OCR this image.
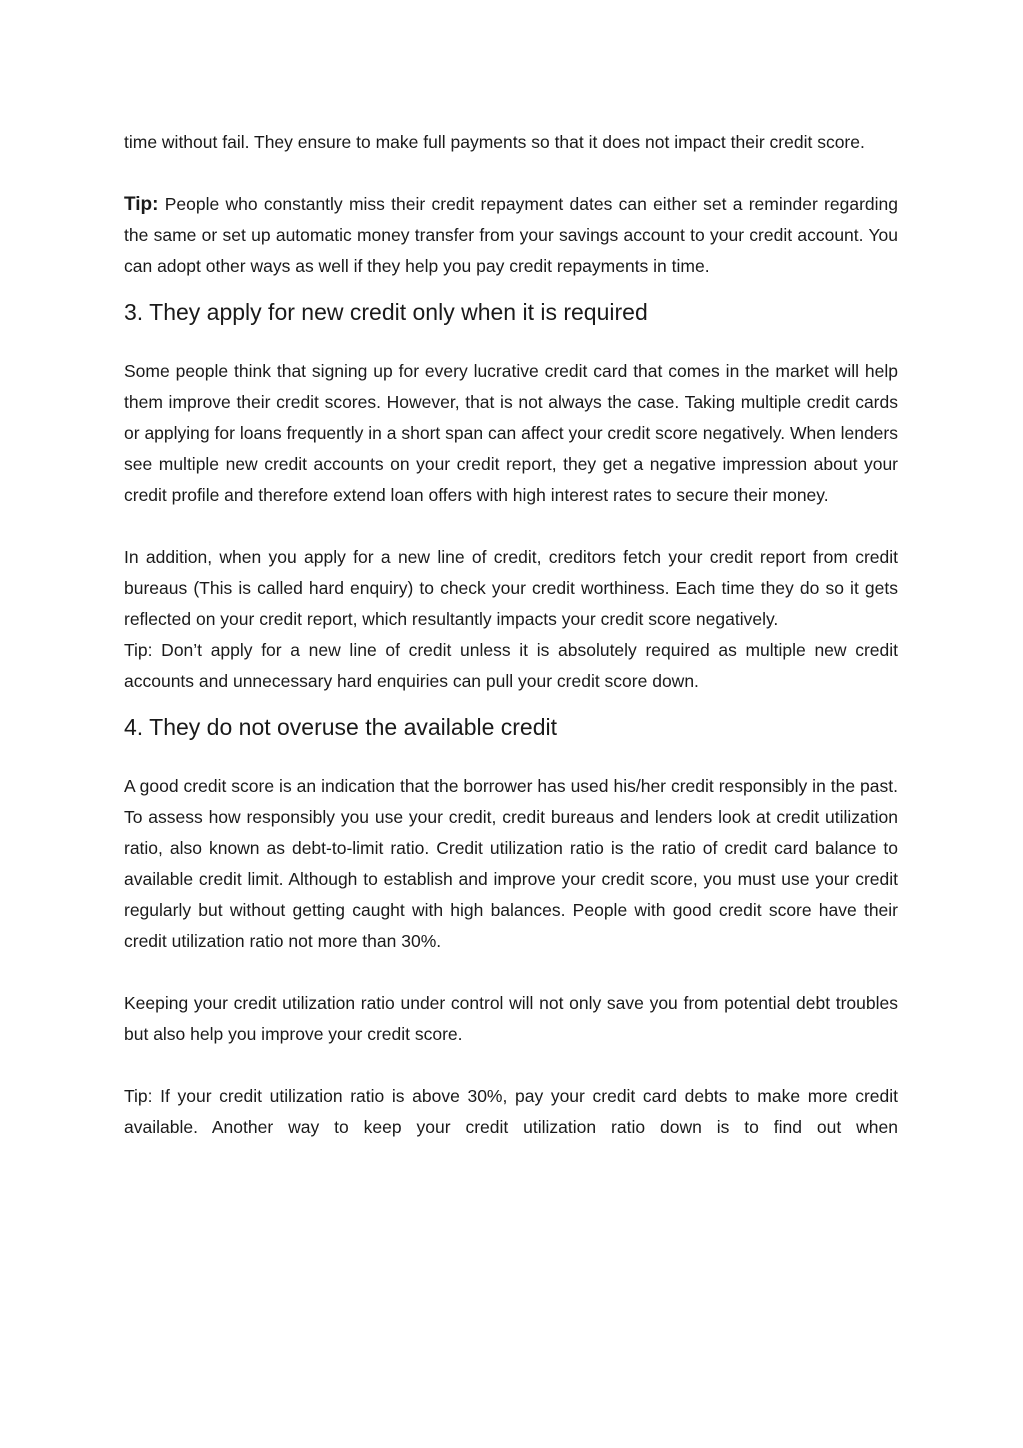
time without fail. They ensure to make full payments so that it does not impact their credit score.

Tip: People who constantly miss their credit repayment dates can either set a reminder regarding the same or set up automatic money transfer from your savings account to your credit account. You can adopt other ways as well if they help you pay credit repayments in time.

3. They apply for new credit only when it is required

Some people think that signing up for every lucrative credit card that comes in the market will help them improve their credit scores. However, that is not always the case. Taking multiple credit cards or applying for loans frequently in a short span can affect your credit score negatively. When lenders see multiple new credit accounts on your credit report, they get a negative impression about your credit profile and therefore extend loan offers with high interest rates to secure their money.

In addition, when you apply for a new line of credit, creditors fetch your credit report from credit bureaus (This is called hard enquiry) to check your credit worthiness. Each time they do so it gets reflected on your credit report, which resultantly impacts your credit score negatively.

Tip: Don’t apply for a new line of credit unless it is absolutely required as multiple new credit accounts and unnecessary hard enquiries can pull your credit score down.

4. They do not overuse the available credit

A good credit score is an indication that the borrower has used his/her credit responsibly in the past. To assess how responsibly you use your credit, credit bureaus and lenders look at credit utilization ratio, also known as debt-to-limit ratio. Credit utilization ratio is the ratio of credit card balance to available credit limit. Although to establish and improve your credit score, you must use your credit regularly but without getting caught with high balances. People with good credit score have their credit utilization ratio not more than 30%.

Keeping your credit utilization ratio under control will not only save you from potential debt troubles but also help you improve your credit score.

Tip: If your credit utilization ratio is above 30%, pay your credit card debts to make more credit available. Another way to keep your credit utilization ratio down is to find out when
